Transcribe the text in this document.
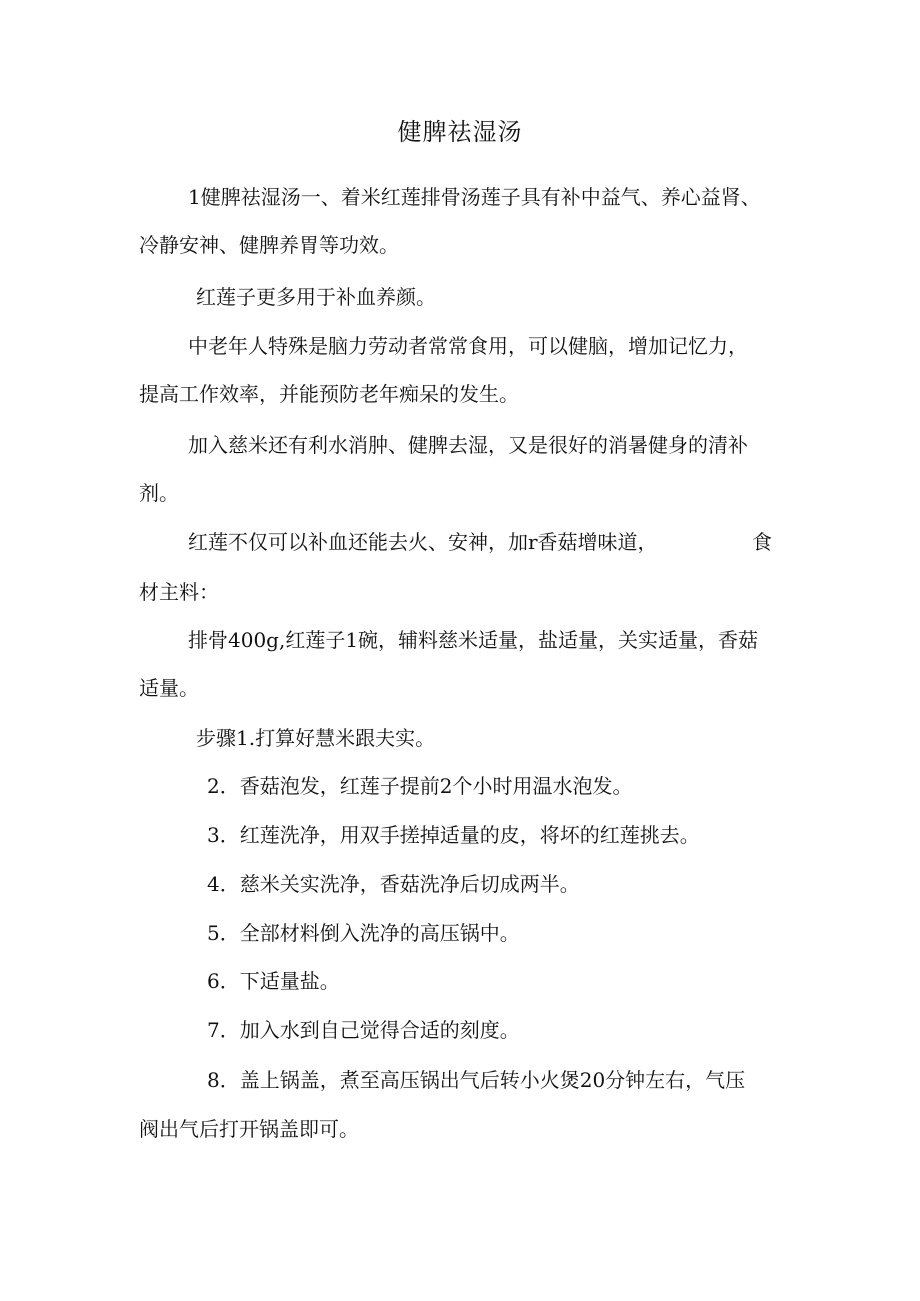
健脾祛湿汤
1健脾祛湿汤一、着米红莲排骨汤莲子具有补中益气、养心益肾、
冷静安神、健脾养胃等功效。
红莲子更多用于补血养颜。
中老年人特殊是脑力劳动者常常食用，可以健脑，增加记忆力，
提高工作效率，并能预防老年痴呆的发生。
加入慈米还有利水消肿、健脾去湿，又是很好的消暑健身的清补
剂。
红莲不仅可以补血还能去火、安神，加r香菇增味道，	食
材主料：
排骨400g,红莲子1碗，辅料慈米适量，盐适量，关实适量，香菇
适量。
步骤1.打算好慧米跟夫实。
2．香菇泡发，红莲子提前2个小时用温水泡发。
3．红莲洗净，用双手搓掉适量的皮，将坏的红莲挑去。
4．慈米关实洗净，香菇洗净后切成两半。
5．全部材料倒入洗净的高压锅中。
6．下适量盐。
7．加入水到自己觉得合适的刻度。
8．盖上锅盖，煮至高压锅出气后转小火煲20分钟左右，气压
阀出气后打开锅盖即可。
